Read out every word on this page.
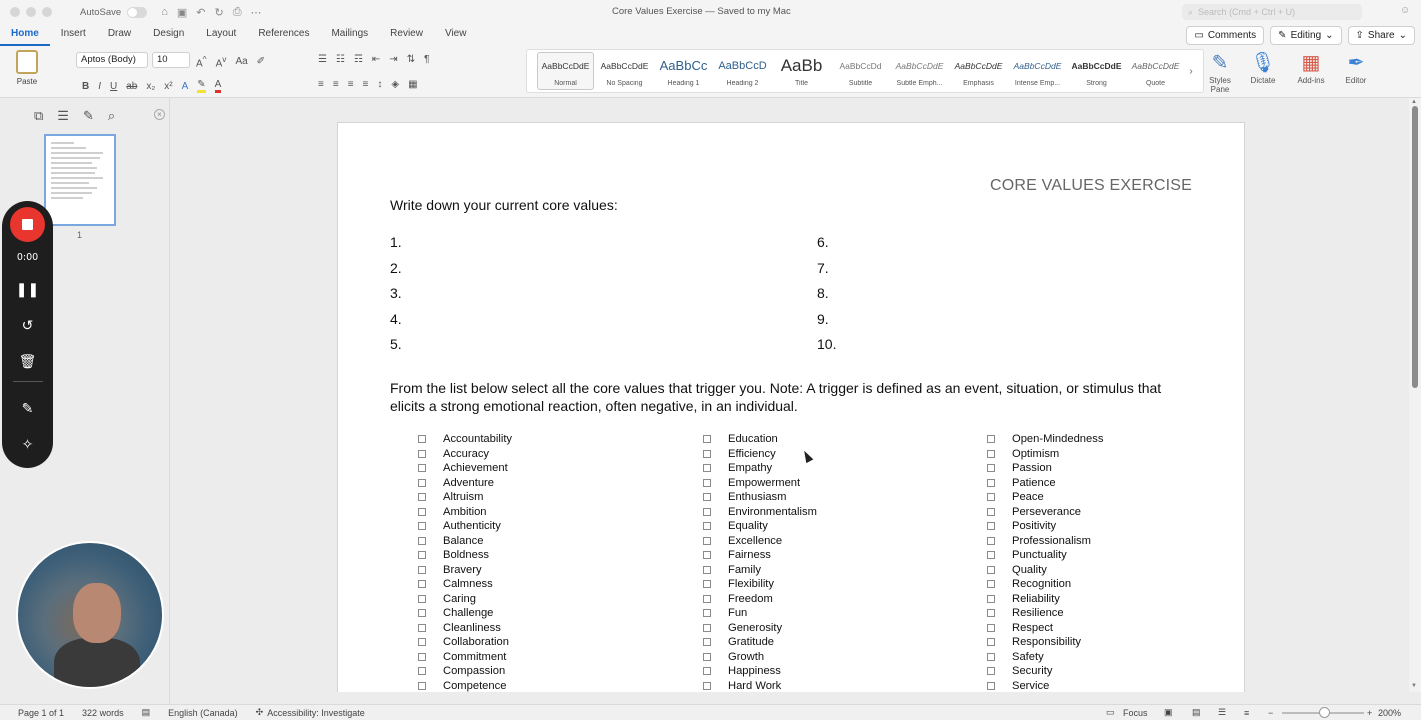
AutoSave	⌂ ▣ ↶ ↻ ⎙ ⋯	Core Values Exercise — Saved to my Mac	⌕ Search (Cmd + Ctrl + U)	☺
Home	Insert	Draw	Design	Layout	References	Mailings	Review	View	▭ Comments ✎ Editing ⌄ ⇪ Share ⌄
Paste
Aptos (Body)	10	A^ $A^v$ Aa ✐
B I U ab x₂ x² A ✎ A
☰ ☷ ☶ ⇤ ⇥ ⇅ ¶
≡ ≡ ≡ ≡ ↕ ◈ ▦
AaBbCcDdE
Normal
AaBbCcDdE
No Spacing
AaBbCc
Heading 1
AaBbCcD
Heading 2
AaBb
Title
AaBbCcDd
Subtitle
AaBbCcDdE
Subtle Emph...
AaBbCcDdE
Emphasis
AaBbCcDdE
Intense Emp...
AaBbCcDdE
Strong
AaBbCcDdE
Quote
› ✎
Styles Pane
🎙
Dictate
▦
Add-ins
✒
Editor
⧉ ☰ ✎ ⌕	×
1
0:00
❚❚
↺
🗑
✎
✧
CORE VALUES EXERCISE
Write down your current core values:
1.
2.
3.
4.
5.
6.
7.
8.
9.
10.
From the list below select all the core values that trigger you. Note: A trigger is defined as an event, situation, or stimulus that elicits a strong emotional reaction, often negative, in an individual.
Accountability
Accuracy
Achievement
Adventure
Altruism
Ambition
Authenticity
Balance
Boldness
Bravery
Calmness
Caring
Challenge
Cleanliness
Collaboration
Commitment
Compassion
Competence
Education
Efficiency
Empathy
Empowerment
Enthusiasm
Environmentalism
Equality
Excellence
Fairness
Family
Flexibility
Freedom
Fun
Generosity
Gratitude
Growth
Happiness
Hard Work
Open-Mindedness
Optimism
Passion
Patience
Peace
Perseverance
Positivity
Professionalism
Punctuality
Quality
Recognition
Reliability
Resilience
Respect
Responsibility
Safety
Security
Service
▲
▼
Page 1 of 1 322 words ▤ English (Canada) ✣ Accessibility: Investigate	▭ Focus ▣ ▤ ☰ ≡ −	+ 200%
